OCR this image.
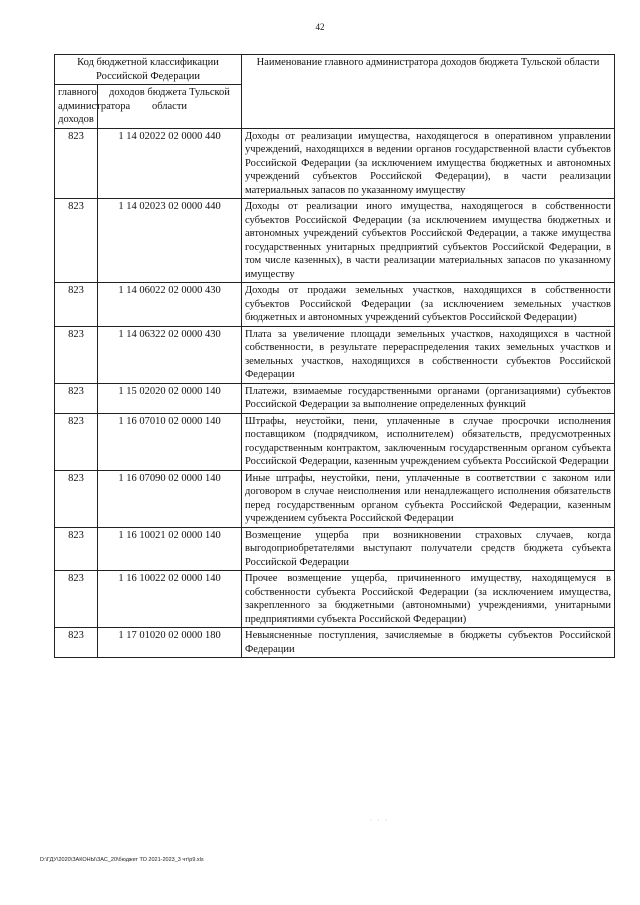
42
Код бюджетной классификации Российской Федерации		Наименование главного администратора доходов бюджета Тульской области
главного администратора доходов	доходов бюджета Тульской области	
823	1 14 02022 02 0000 440	Доходы от реализации имущества, находящегося в оперативном управлении учреждений, находящихся в ведении органов государственной власти субъектов Российской Федерации (за исключением имущества бюджетных и автономных учреждений субъектов Российской Федерации), в части реализации материальных запасов по указанному имуществу
823	1 14 02023 02 0000 440	Доходы от реализации иного имущества, находящегося в собственности субъектов Российской Федерации (за исключением имущества бюджетных и автономных учреждений субъектов Российской Федерации, а также имущества государственных унитарных предприятий субъектов Российской Федерации, в том числе казенных), в части реализации материальных запасов по указанному имуществу
823	1 14 06022 02 0000 430	Доходы от продажи земельных участков, находящихся в собственности субъектов Российской Федерации (за исключением земельных участков бюджетных и автономных учреждений субъектов Российской Федерации)
823	1 14 06322 02 0000 430	Плата за увеличение площади земельных участков, находящихся в частной собственности, в результате перераспределения таких земельных участков и земельных участков, находящихся в собственности субъектов Российской Федерации
823	1 15 02020 02 0000 140	Платежи, взимаемые государственными органами (организациями) субъектов Российской Федерации за выполнение определенных функций
823	1 16 07010 02 0000 140	Штрафы, неустойки, пени, уплаченные в случае просрочки исполнения поставщиком (подрядчиком, исполнителем) обязательств, предусмотренных государственным контрактом, заключенным государственным органом субъекта Российской Федерации, казенным учреждением субъекта Российской Федерации
823	1 16 07090 02 0000 140	Иные штрафы, неустойки, пени, уплаченные в соответствии с законом или договором в случае неисполнения или ненадлежащего исполнения обязательств перед государственным органом субъекта Российской Федерации, казенным учреждением субъекта Российской Федерации
823	1 16 10021 02 0000 140	Возмещение ущерба при возникновении страховых случаев, когда выгодоприобретателями выступают получатели средств бюджета субъекта Российской Федерации
823	1 16 10022 02 0000 140	Прочее возмещение ущерба, причиненного имуществу, находящемуся в собственности субъекта Российской Федерации (за исключением имущества, закрепленного за бюджетными (автономными) учреждениями, унитарными предприятиями субъекта Российской Федерации)
823	1 17 01020 02 0000 180	Невыясненные поступления, зачисляемые в бюджеты субъектов Российской Федерации
· · ·
D:\ГДУ\2020\ЗАКОНЫ\ЗАС_20\бюджет ТО 2021-2023_3 чт\р9.xls
